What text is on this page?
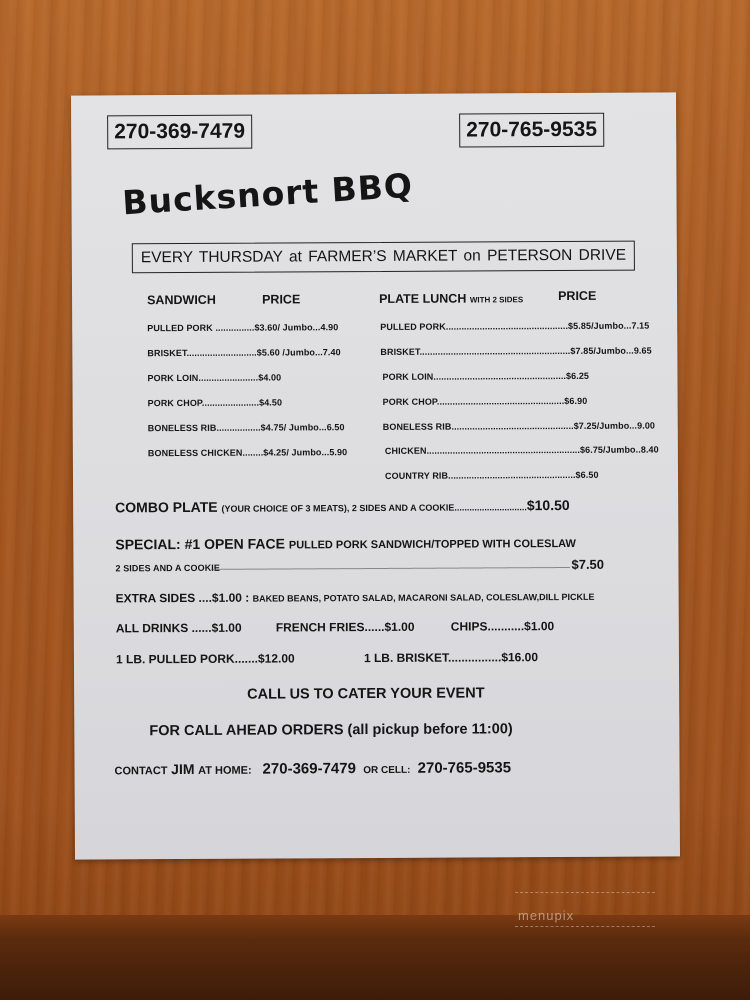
270-369-7479	270-765-9535
Bucksnort BBQ
EVERY THURSDAY at FARMER’S MARKET on PETERSON DRIVE
SANDWICH	PRICE
PULLED PORK ...............$3.60/ Jumbo...4.90
BRISKET...........................$5.60 /Jumbo...7.40
PORK LOIN.......................$4.00
PORK CHOP......................$4.50
BONELESS RIB.................$4.75/ Jumbo...6.50
BONELESS CHICKEN........$4.25/ Jumbo...5.90
PLATE LUNCH WITH 2 SIDES	PRICE
PULLED PORK...............................................$5.85/Jumbo...7.15
BRISKET..........................................................$7.85/Jumbo...9.65
PORK LOIN...................................................$6.25
PORK CHOP.................................................$6.90
BONELESS RIB...............................................$7.25/Jumbo...9.00
CHICKEN...........................................................$6.75/Jumbo..8.40
COUNTRY RIB.................................................$6.50
COMBO PLATE (YOUR CHOICE OF 3 MEATS), 2 SIDES AND A COOKIE.............................$10.50
SPECIAL: #1 OPEN FACE PULLED PORK SANDWICH/TOPPED WITH COLESLAW
2 SIDES AND A COOKIE	$7.50
EXTRA SIDES ....$1.00 : BAKED BEANS, POTATO SALAD, MACARONI SALAD, COLESLAW,DILL PICKLE
ALL DRINKS ......$1.00	FRENCH FRIES......$1.00	CHIPS...........$1.00
1 LB. PULLED PORK.......$12.00	1 LB. BRISKET................$16.00
CALL US TO CATER YOUR EVENT
FOR CALL AHEAD ORDERS (all pickup before 11:00)
CONTACT JIM AT HOME: 270-369-7479 OR CELL: 270-765-9535
menupix
